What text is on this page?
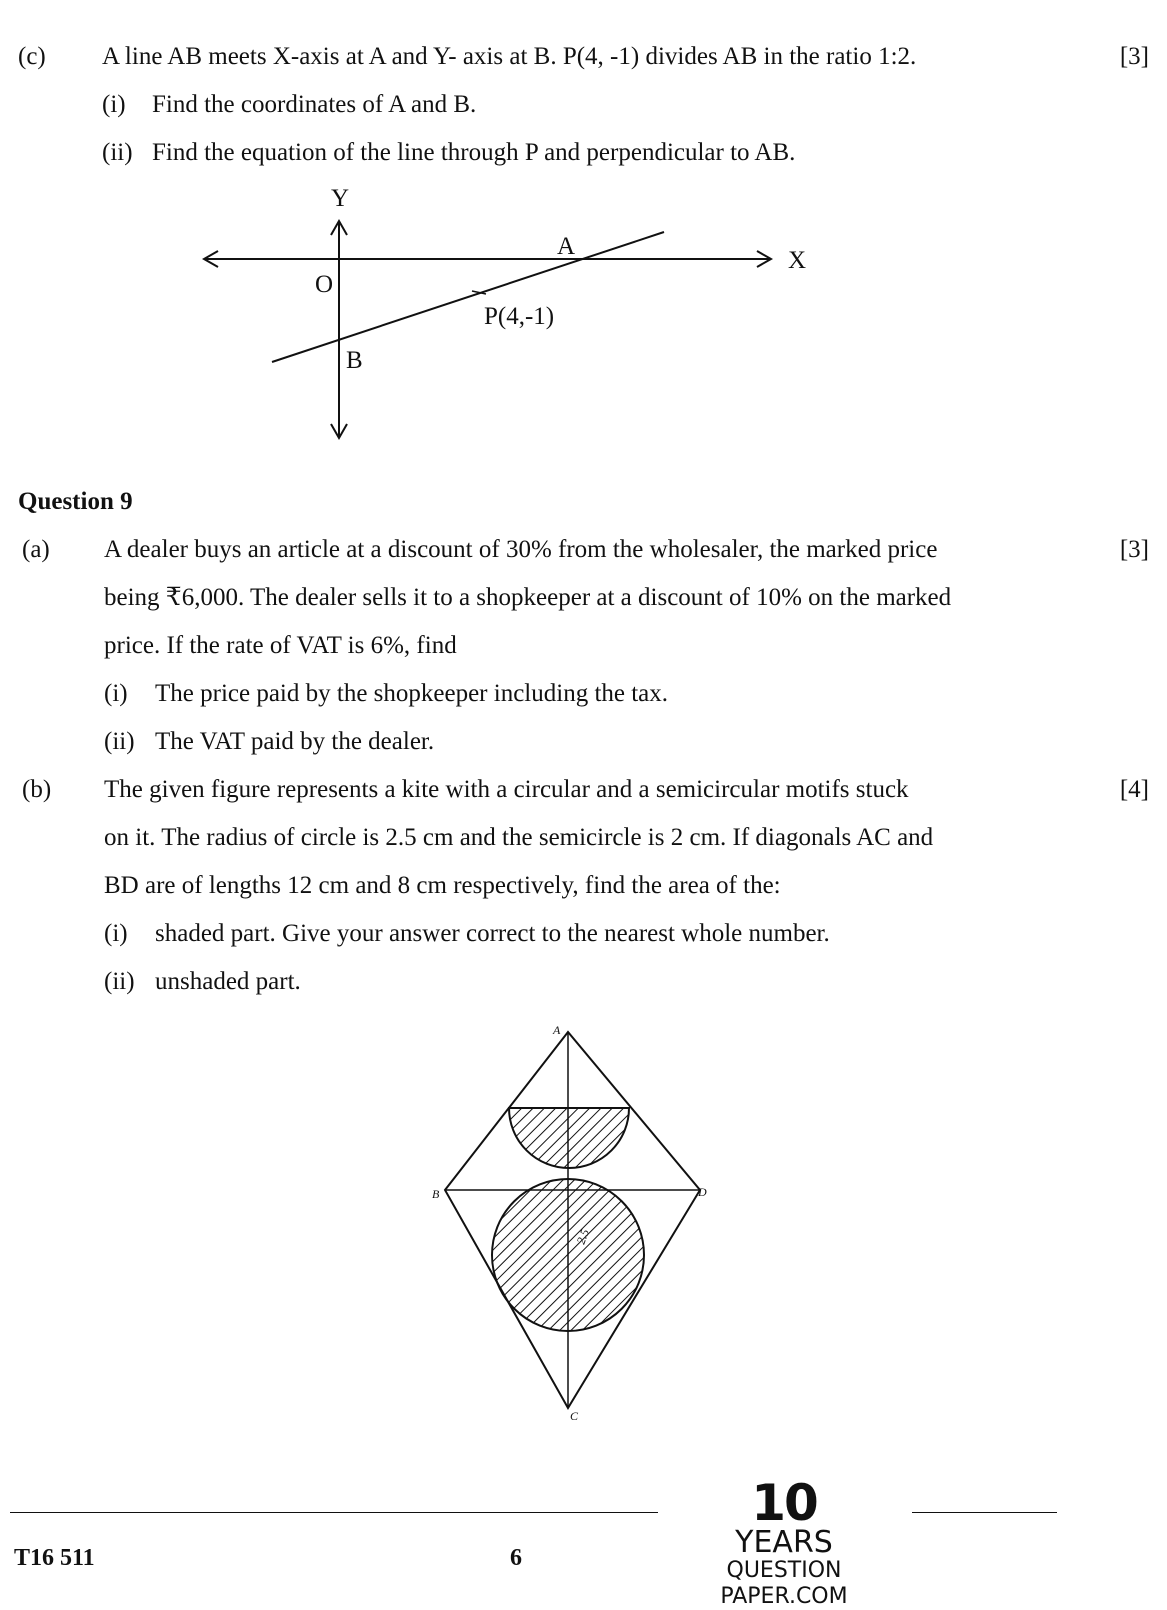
(c) A line AB meets X-axis at A and Y- axis at B. P(4, -1) divides AB in the ratio 1:2.	[3]
(i) Find the coordinates of A and B.
(ii) Find the equation of the line through P and perpendicular to AB.
Y
X
O
A
B
P(4,-1)
A
B
C
D
2.5
Question 9
(a) A dealer buys an article at a discount of 30% from the wholesaler, the marked price	[3]
being ₹6,000. The dealer sells it to a shopkeeper at a discount of 10% on the marked
price. If the rate of VAT is 6%, find
(i) The price paid by the shopkeeper including the tax.
(ii) The VAT paid by the dealer.
(b) The given figure represents a kite with a circular and a semicircular motifs stuck	[4]
on it. The radius of circle is 2.5 cm and the semicircle is 2 cm. If diagonals AC and
BD are of lengths 12 cm and 8 cm respectively, find the area of the:
(i) shaded part. Give your answer correct to the nearest whole number.
(ii) unshaded part.
T16 511	6
10
YEARS
QUESTION PAPER.COM
